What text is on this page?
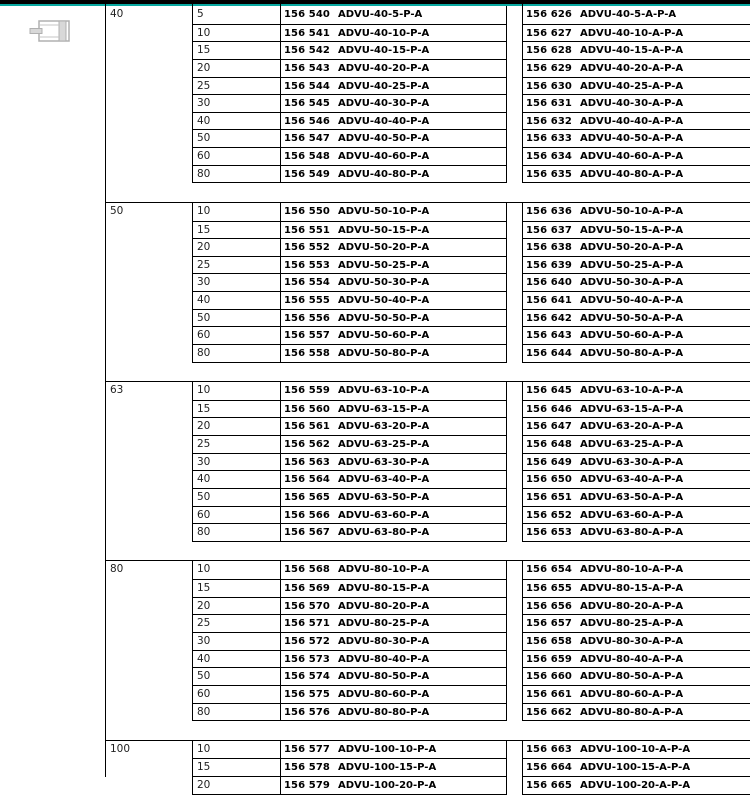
40	5	156 540 ADVU-40-5-P-A	156 626 ADVU-40-5-A-P-A
10	156 541 ADVU-40-10-P-A	156 627 ADVU-40-10-A-P-A
15	156 542 ADVU-40-15-P-A	156 628 ADVU-40-15-A-P-A
20	156 543 ADVU-40-20-P-A	156 629 ADVU-40-20-A-P-A
25	156 544 ADVU-40-25-P-A	156 630 ADVU-40-25-A-P-A
30	156 545 ADVU-40-30-P-A	156 631 ADVU-40-30-A-P-A
40	156 546 ADVU-40-40-P-A	156 632 ADVU-40-40-A-P-A
50	156 547 ADVU-40-50-P-A	156 633 ADVU-40-50-A-P-A
60	156 548 ADVU-40-60-P-A	156 634 ADVU-40-60-A-P-A
80	156 549 ADVU-40-80-P-A	156 635 ADVU-40-80-A-P-A
50	10	156 550 ADVU-50-10-P-A	156 636 ADVU-50-10-A-P-A
15	156 551 ADVU-50-15-P-A	156 637 ADVU-50-15-A-P-A
20	156 552 ADVU-50-20-P-A	156 638 ADVU-50-20-A-P-A
25	156 553 ADVU-50-25-P-A	156 639 ADVU-50-25-A-P-A
30	156 554 ADVU-50-30-P-A	156 640 ADVU-50-30-A-P-A
40	156 555 ADVU-50-40-P-A	156 641 ADVU-50-40-A-P-A
50	156 556 ADVU-50-50-P-A	156 642 ADVU-50-50-A-P-A
60	156 557 ADVU-50-60-P-A	156 643 ADVU-50-60-A-P-A
80	156 558 ADVU-50-80-P-A	156 644 ADVU-50-80-A-P-A
63	10	156 559 ADVU-63-10-P-A	156 645 ADVU-63-10-A-P-A
15	156 560 ADVU-63-15-P-A	156 646 ADVU-63-15-A-P-A
20	156 561 ADVU-63-20-P-A	156 647 ADVU-63-20-A-P-A
25	156 562 ADVU-63-25-P-A	156 648 ADVU-63-25-A-P-A
30	156 563 ADVU-63-30-P-A	156 649 ADVU-63-30-A-P-A
40	156 564 ADVU-63-40-P-A	156 650 ADVU-63-40-A-P-A
50	156 565 ADVU-63-50-P-A	156 651 ADVU-63-50-A-P-A
60	156 566 ADVU-63-60-P-A	156 652 ADVU-63-60-A-P-A
80	156 567 ADVU-63-80-P-A	156 653 ADVU-63-80-A-P-A
80	10	156 568 ADVU-80-10-P-A	156 654 ADVU-80-10-A-P-A
15	156 569 ADVU-80-15-P-A	156 655 ADVU-80-15-A-P-A
20	156 570 ADVU-80-20-P-A	156 656 ADVU-80-20-A-P-A
25	156 571 ADVU-80-25-P-A	156 657 ADVU-80-25-A-P-A
30	156 572 ADVU-80-30-P-A	156 658 ADVU-80-30-A-P-A
40	156 573 ADVU-80-40-P-A	156 659 ADVU-80-40-A-P-A
50	156 574 ADVU-80-50-P-A	156 660 ADVU-80-50-A-P-A
60	156 575 ADVU-80-60-P-A	156 661 ADVU-80-60-A-P-A
80	156 576 ADVU-80-80-P-A	156 662 ADVU-80-80-A-P-A
100	10	156 577 ADVU-100-10-P-A	156 663 ADVU-100-10-A-P-A
15	156 578 ADVU-100-15-P-A	156 664 ADVU-100-15-A-P-A
20	156 579 ADVU-100-20-P-A	156 665 ADVU-100-20-A-P-A
